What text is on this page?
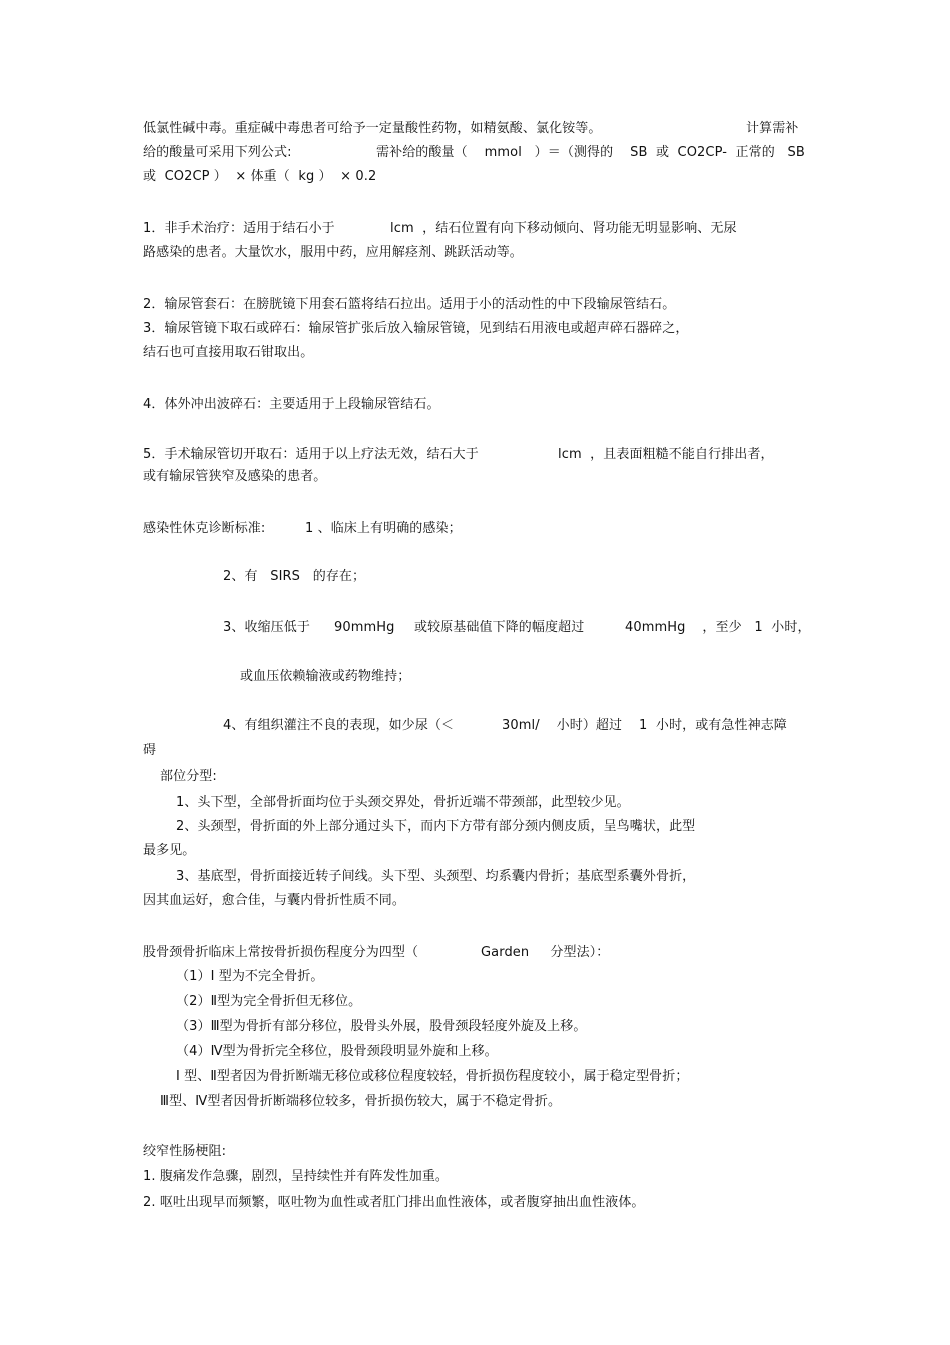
低氯性碱中毒。重症碱中毒患者可给予一定量酸性药物，如精氨酸、氯化铵等。	计算需补
给的酸量可采用下列公式:	需补给的酸量（    mmol   ）＝（测得的    SB  或  CO2CP-  正常的   SB
或  CO2CP ）  × 体重（  kg ）  × 0.2
1．非手术治疗：适用于结石小于	lcm  ，结石位置有向下移动倾向、肾功能无明显影响、无尿
路感染的患者。大量饮水，服用中药，应用解痉剂、跳跃活动等。
2．输尿管套石：在膀胱镜下用套石篮将结石拉出。适用于小的活动性的中下段输尿管结石。
3．输尿管镜下取石或碎石：输尿管扩张后放入输尿管镜，见到结石用液电或超声碎石器碎之，
结石也可直接用取石钳取出。
4．体外冲出波碎石：主要适用于上段输尿管结石。
5．手术输尿管切开取石：适用于以上疗法无效，结石大于	lcm  ，且表面粗糙不能自行排出者，
或有输尿管狭窄及感染的患者。
感染性休克诊断标准:	1 、临床上有明确的感染；
2、有   SIRS   的存在；
3、收缩压低于 90mmHg 或较原基础值下降的幅度超过	40mmHg    ，至少   1  小时，
或血压依赖输液或药物维持；
4、有组织灌注不良的表现，如少尿（＜	30ml/    小时）超过    1  小时，或有急性神志障
碍
部位分型:
1、头下型，全部骨折面均位于头颈交界处，骨折近端不带颈部，此型较少见。
2、头颈型，骨折面的外上部分通过头下，而内下方带有部分颈内侧皮质，呈鸟嘴状，此型
最多见。
3、基底型，骨折面接近转子间线。头下型、头颈型、均系囊内骨折；基底型系囊外骨折，
因其血运好，愈合佳，与囊内骨折性质不同。
股骨颈骨折临床上常按骨折损伤程度分为四型（	Garden     分型法）：
（1）Ⅰ 型为不完全骨折。
（2）Ⅱ型为完全骨折但无移位。
（3）Ⅲ型为骨折有部分移位，股骨头外展，股骨颈段轻度外旋及上移。
（4）Ⅳ型为骨折完全移位，股骨颈段明显外旋和上移。
Ⅰ 型、Ⅱ型者因为骨折断端无移位或移位程度较轻，骨折损伤程度较小，属于稳定型骨折；
Ⅲ型、Ⅳ型者因骨折断端移位较多，骨折损伤较大，属于不稳定骨折。
绞窄性肠梗阻:
1. 腹痛发作急骤，剧烈，呈持续性并有阵发性加重。
2. 呕吐出现早而频繁，呕吐物为血性或者肛门排出血性液体，或者腹穿抽出血性液体。
